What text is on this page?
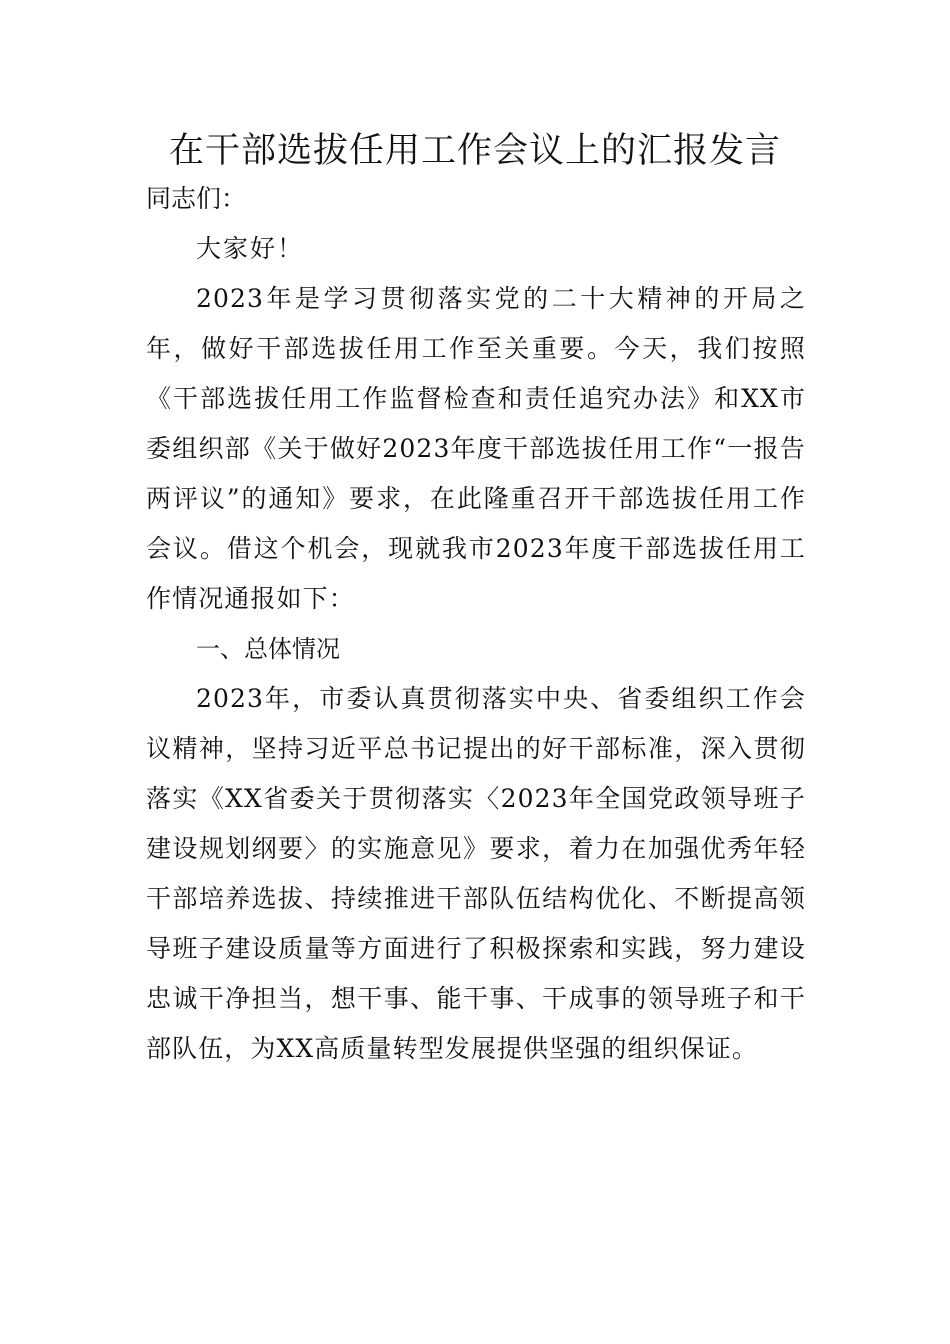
在干部选拔任用工作会议上的汇报发言

同志们：

大家好！

2023年是学习贯彻落实党的二十大精神的开局之年，做好干部选拔任用工作至关重要。今天，我们按照《干部选拔任用工作监督检查和责任追究办法》和XX市委组织部《关于做好2023年度干部选拔任用工作“一报告两评议”的通知》要求，在此隆重召开干部选拔任用工作会议。借这个机会，现就我市2023年度干部选拔任用工作情况通报如下：

一、总体情况

2023年，市委认真贯彻落实中央、省委组织工作会议精神，坚持习近平总书记提出的好干部标准，深入贯彻落实《XX省委关于贯彻落实〈2023年全国党政领导班子建设规划纲要〉的实施意见》要求，着力在加强优秀年轻干部培养选拔、持续推进干部队伍结构优化、不断提高领导班子建设质量等方面进行了积极探索和实践，努力建设忠诚干净担当，想干事、能干事、干成事的领导班子和干部队伍，为XX高质量转型发展提供坚强的组织保证。
